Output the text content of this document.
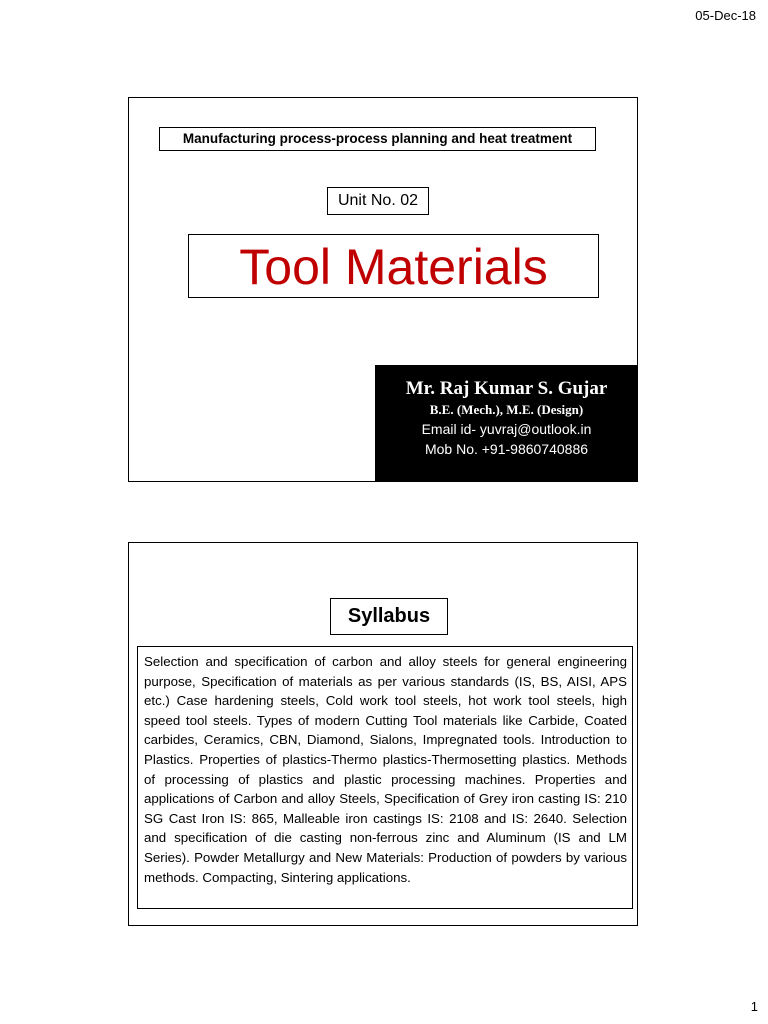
05-Dec-18
Manufacturing process-process planning and heat treatment
Unit No. 02
Tool Materials
Mr. Raj Kumar S. Gujar
B.E. (Mech.), M.E. (Design)
Email id- yuvraj@outlook.in
Mob No. +91-9860740886
Syllabus
Selection and specification of carbon and alloy steels for general engineering purpose, Specification of materials as per various standards (IS, BS, AISI, APS etc.) Case hardening steels, Cold work tool steels, hot work tool steels, high speed tool steels. Types of modern Cutting Tool materials like Carbide, Coated carbides, Ceramics, CBN, Diamond, Sialons, Impregnated tools. Introduction to Plastics. Properties of plastics-Thermo plastics-Thermosetting plastics. Methods of processing of plastics and plastic processing machines. Properties and applications of Carbon and alloy Steels, Specification of Grey iron casting IS: 210 SG Cast Iron IS: 865, Malleable iron castings IS: 2108 and IS: 2640. Selection and specification of die casting non-ferrous zinc and Aluminum (IS and LM Series). Powder Metallurgy and New Materials: Production of powders by various methods. Compacting, Sintering applications.
1
